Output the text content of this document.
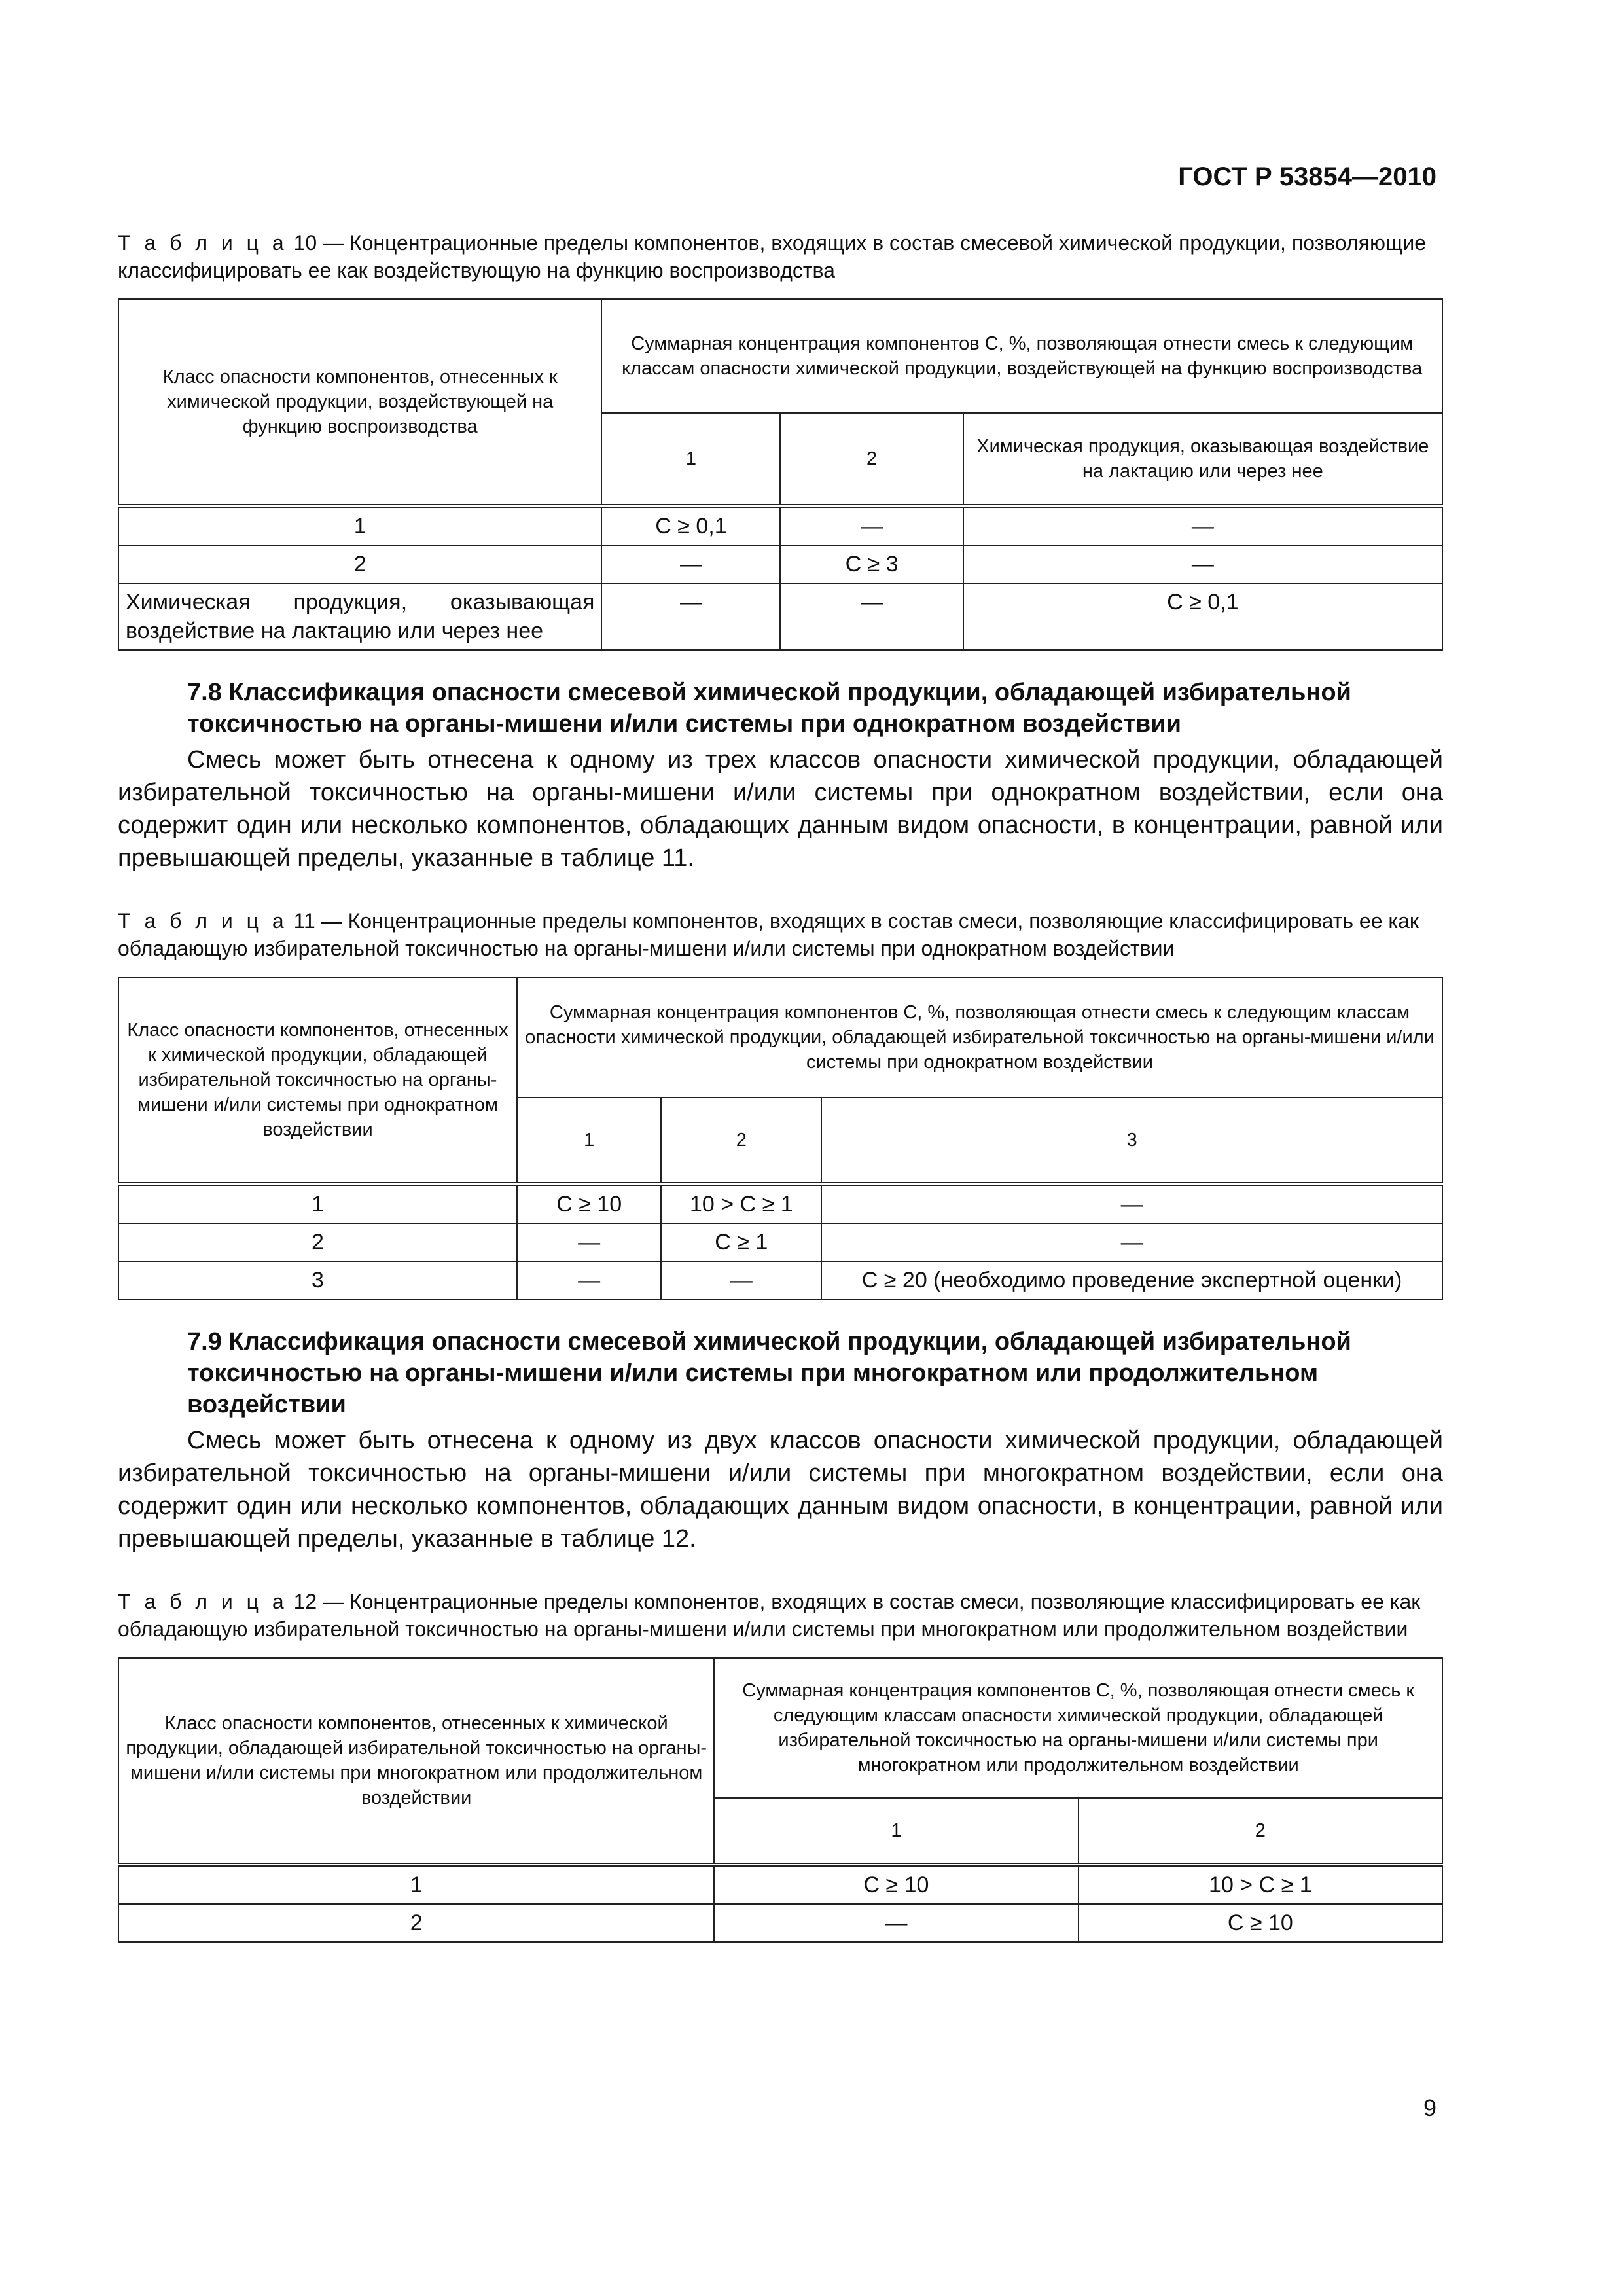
ГОСТ Р 53854—2010

Т а б л и ц а 10 — Концентрационные пределы компонентов, входящих в состав смесевой химической продукции, позволяющие классифицировать ее как воздействующую на функцию воспроизводства

Класс опасности компонентов, отнесенных к химической продукции, воздействующей на функцию воспроизводства	Суммарная концентрация компонентов С, %, позволяющая отнести смесь к следующим классам опасности химической продукции, воздействующей на функцию воспроизводства		
	1	2	Химическая продукция, оказывающая воздействие на лактацию или через нее
1	С ≥ 0,1	—	—
2	—	С ≥ 3	—
Химическая продукция, оказывающая воздействие на лактацию или через нее	—	—	С ≥ 0,1
7.8 Классификация опасности смесевой химической продукции, обладающей избирательной токсичностью на органы-мишени и/или системы при однократном воздействии

Смесь может быть отнесена к одному из трех классов опасности химической продукции, обладающей избирательной токсичностью на органы-мишени и/или системы при однократном воздействии, если она содержит один или несколько компонентов, обладающих данным видом опасности, в концентрации, равной или превышающей пределы, указанные в таблице 11.

Т а б л и ц а 11 — Концентрационные пределы компонентов, входящих в состав смеси, позволяющие классифицировать ее как обладающую избирательной токсичностью на органы-мишени и/или системы при однократном воздействии

Класс опасности компонентов, отнесенных к химической продукции, обладающей избирательной токсичностью на органы-мишени и/или системы при однократном воздействии	Суммарная концентрация компонентов С, %, позволяющая отнести смесь к следующим классам опасности химической продукции, обладающей избирательной токсичностью на органы-мишени и/или системы при однократном воздействии		
	1	2	3
1	С ≥ 10	10 > С ≥ 1	—
2	—	С ≥ 1	—
3	—	—	С ≥ 20 (необходимо проведение экспертной оценки)
7.9 Классификация опасности смесевой химической продукции, обладающей избирательной токсичностью на органы-мишени и/или системы при многократном или продолжительном воздействии

Смесь может быть отнесена к одному из двух классов опасности химической продукции, обладающей избирательной токсичностью на органы-мишени и/или системы при многократном воздействии, если она содержит один или несколько компонентов, обладающих данным видом опасности, в концентрации, равной или превышающей пределы, указанные в таблице 12.

Т а б л и ц а 12 — Концентрационные пределы компонентов, входящих в состав смеси, позволяющие классифицировать ее как обладающую избирательной токсичностью на органы-мишени и/или системы при многократном или продолжительном воздействии

Класс опасности компонентов, отнесенных к химической продукции, обладающей избирательной токсичностью на органы-мишени и/или системы при многократном или продолжительном воздействии	Суммарная концентрация компонентов С, %, позволяющая отнести смесь к следующим классам опасности химической продукции, обладающей избирательной токсичностью на органы-мишени и/или системы при многократном или продолжительном воздействии	
	1	2
1	С ≥ 10	10 > С ≥ 1
2	—	С ≥ 10
9
